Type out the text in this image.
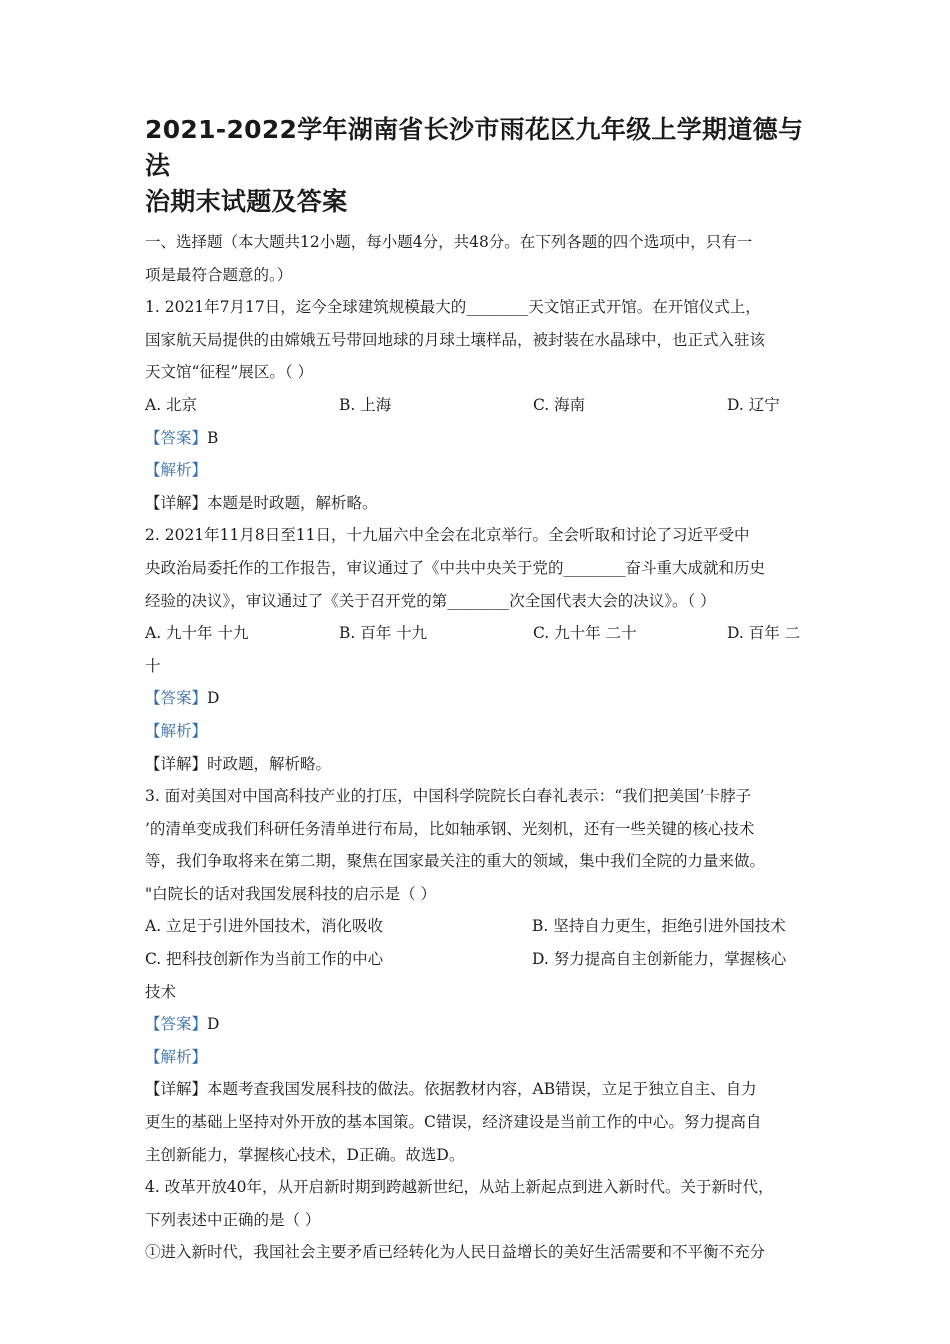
2021-2022学年湖南省长沙市雨花区九年级上学期道德与法
治期末试题及答案
一、选择题（本大题共12小题，每小题4分，共48分。在下列各题的四个选项中，只有一
项是最符合题意的。）
1. 2021年7月17日，迄今全球建筑规模最大的________天文馆正式开馆。在开馆仪式上，
国家航天局提供的由嫦娥五号带回地球的月球土壤样品，被封装在水晶球中，也正式入驻该
天文馆“征程”展区。（ ）
A. 北京	B. 上海	C. 海南	D. 辽宁
【答案】B
【解析】
【详解】本题是时政题，解析略。
2. 2021年11月8日至11日，十九届六中全会在北京举行。全会听取和讨论了习近平受中
央政治局委托作的工作报告，审议通过了《中共中央关于党的________奋斗重大成就和历史
经验的决议》，审议通过了《关于召开党的第________次全国代表大会的决议》。（ ）
A. 九十年 十九	B. 百年 十九	C. 九十年 二十	D. 百年 二
十
【答案】D
【解析】
【详解】时政题，解析略。
3. 面对美国对中国高科技产业的打压，中国科学院院长白春礼表示：“我们把美国’卡脖子
’的清单变成我们科研任务清单进行布局，比如轴承钢、光刻机，还有一些关键的核心技术
等，我们争取将来在第二期，聚焦在国家最关注的重大的领域，集中我们全院的力量来做。
"白院长的话对我国发展科技的启示是（ ）
A. 立足于引进外国技术，消化吸收	B. 坚持自力更生，拒绝引进外国技术
C. 把科技创新作为当前工作的中心	D. 努力提高自主创新能力，掌握核心
技术
【答案】D
【解析】
【详解】本题考查我国发展科技的做法。依据教材内容，AB错误，立足于独立自主、自力
更生的基础上坚持对外开放的基本国策。C错误，经济建设是当前工作的中心。努力提高自
主创新能力，掌握核心技术，D正确。故选D。
4. 改革开放40年，从开启新时期到跨越新世纪，从站上新起点到进入新时代。关于新时代，
下列表述中正确的是（ ）
①进入新时代，我国社会主要矛盾已经转化为人民日益增长的美好生活需要和不平衡不充分
